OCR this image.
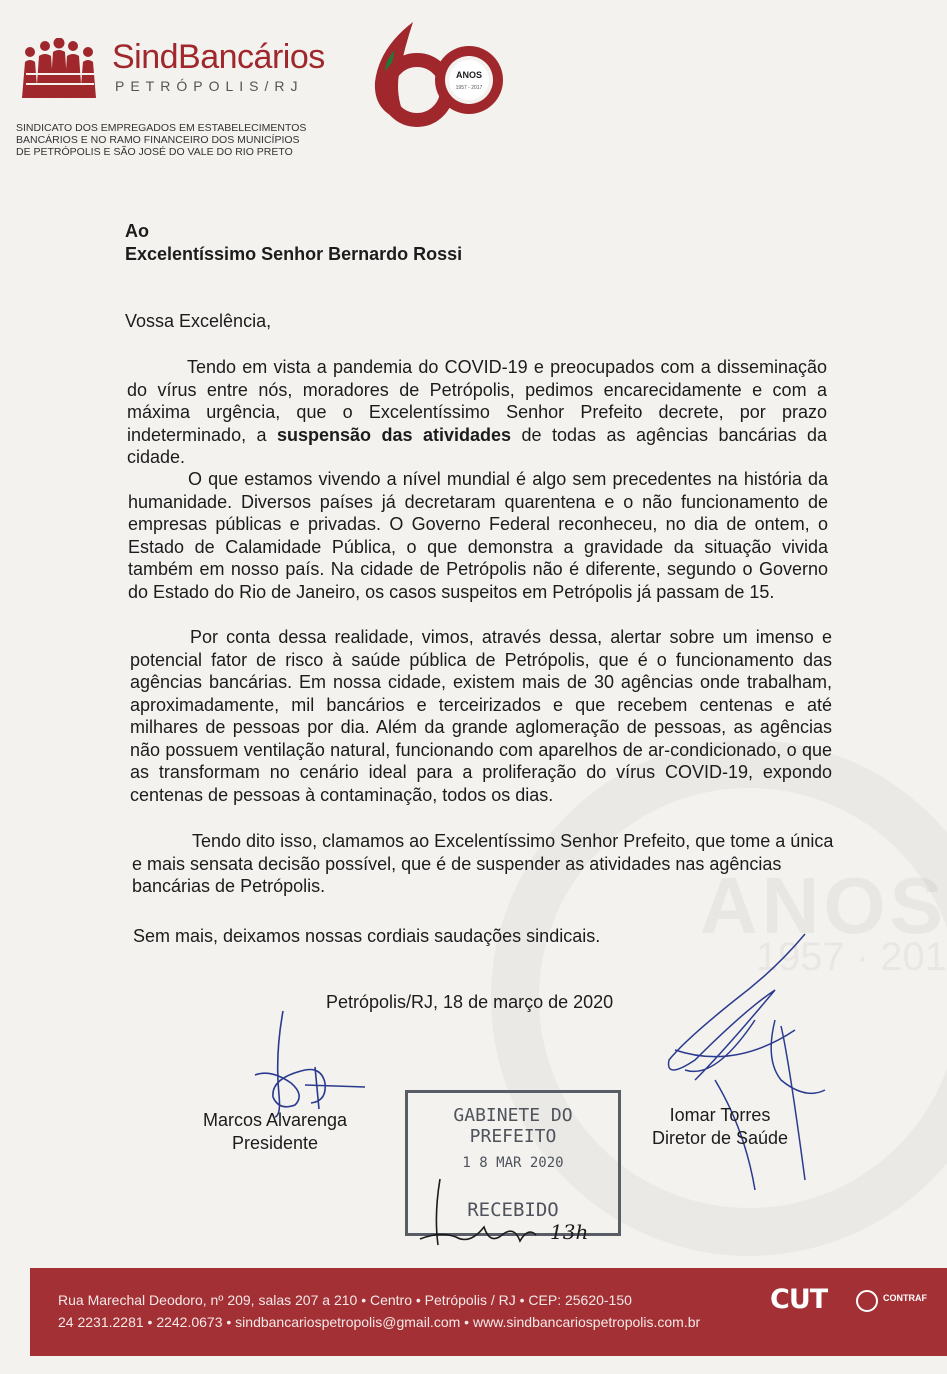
SindBancários
PETRÓPOLIS/RJ
ANOS
1957 - 2017
60
SINDICATO DOS EMPREGADOS EM ESTABELECIMENTOS
BANCÁRIOS E NO RAMO FINANCEIRO DOS MUNICÍPIOS
DE PETRÓPOLIS E SÃO JOSÉ DO VALE DO RIO PRETO
Ao
Excelentíssimo Senhor Bernardo Rossi
Vossa Excelência,

Tendo em vista a pandemia do COVID-19 e preocupados com a disseminação do vírus entre nós, moradores de Petrópolis, pedimos encarecidamente e com a máxima urgência, que o Excelentíssimo Senhor Prefeito decrete, por prazo indeterminado, a suspensão das atividades de todas as agências bancárias da cidade.

O que estamos vivendo a nível mundial é algo sem precedentes na história da humanidade. Diversos países já decretaram quarentena e o não funcionamento de empresas públicas e privadas. O Governo Federal reconheceu, no dia de ontem, o Estado de Calamidade Pública, o que demonstra a gravidade da situação vivida também em nosso país. Na cidade de Petrópolis não é diferente, segundo o Governo do Estado do Rio de Janeiro, os casos suspeitos em Petrópolis já passam de 15.

Por conta dessa realidade, vimos, através dessa, alertar sobre um imenso e potencial fator de risco à saúde pública de Petrópolis, que é o funcionamento das agências bancárias. Em nossa cidade, existem mais de 30 agências onde trabalham, aproximadamente, mil bancários e terceirizados e que recebem centenas e até milhares de pessoas por dia. Além da grande aglomeração de pessoas, as agências não possuem ventilação natural, funcionando com aparelhos de ar-condicionado, o que as transformam no cenário ideal para a proliferação do vírus COVID-19, expondo centenas de pessoas à contaminação, todos os dias.

Tendo dito isso, clamamos ao Excelentíssimo Senhor Prefeito, que tome a única e mais sensata decisão possível, que é de suspender as atividades nas agências bancárias de Petrópolis.

Sem mais, deixamos nossas cordiais saudações sindicais.
Petrópolis/RJ, 18 de março de 2020
Marcos Alvarenga
Presidente
Iomar Torres
Diretor de Saúde
GABINETE DO PREFEITO
1 8 MAR 2020
RECEBIDO
13h
Rua Marechal Deodoro, nº 209, salas 207 a 210 • Centro • Petrópolis / RJ • CEP: 25620-150
24 2231.2281 • 2242.0673 • sindbancariospetropolis@gmail.com • www.sindbancariospetropolis.com.br
CUT	CONTRAF
